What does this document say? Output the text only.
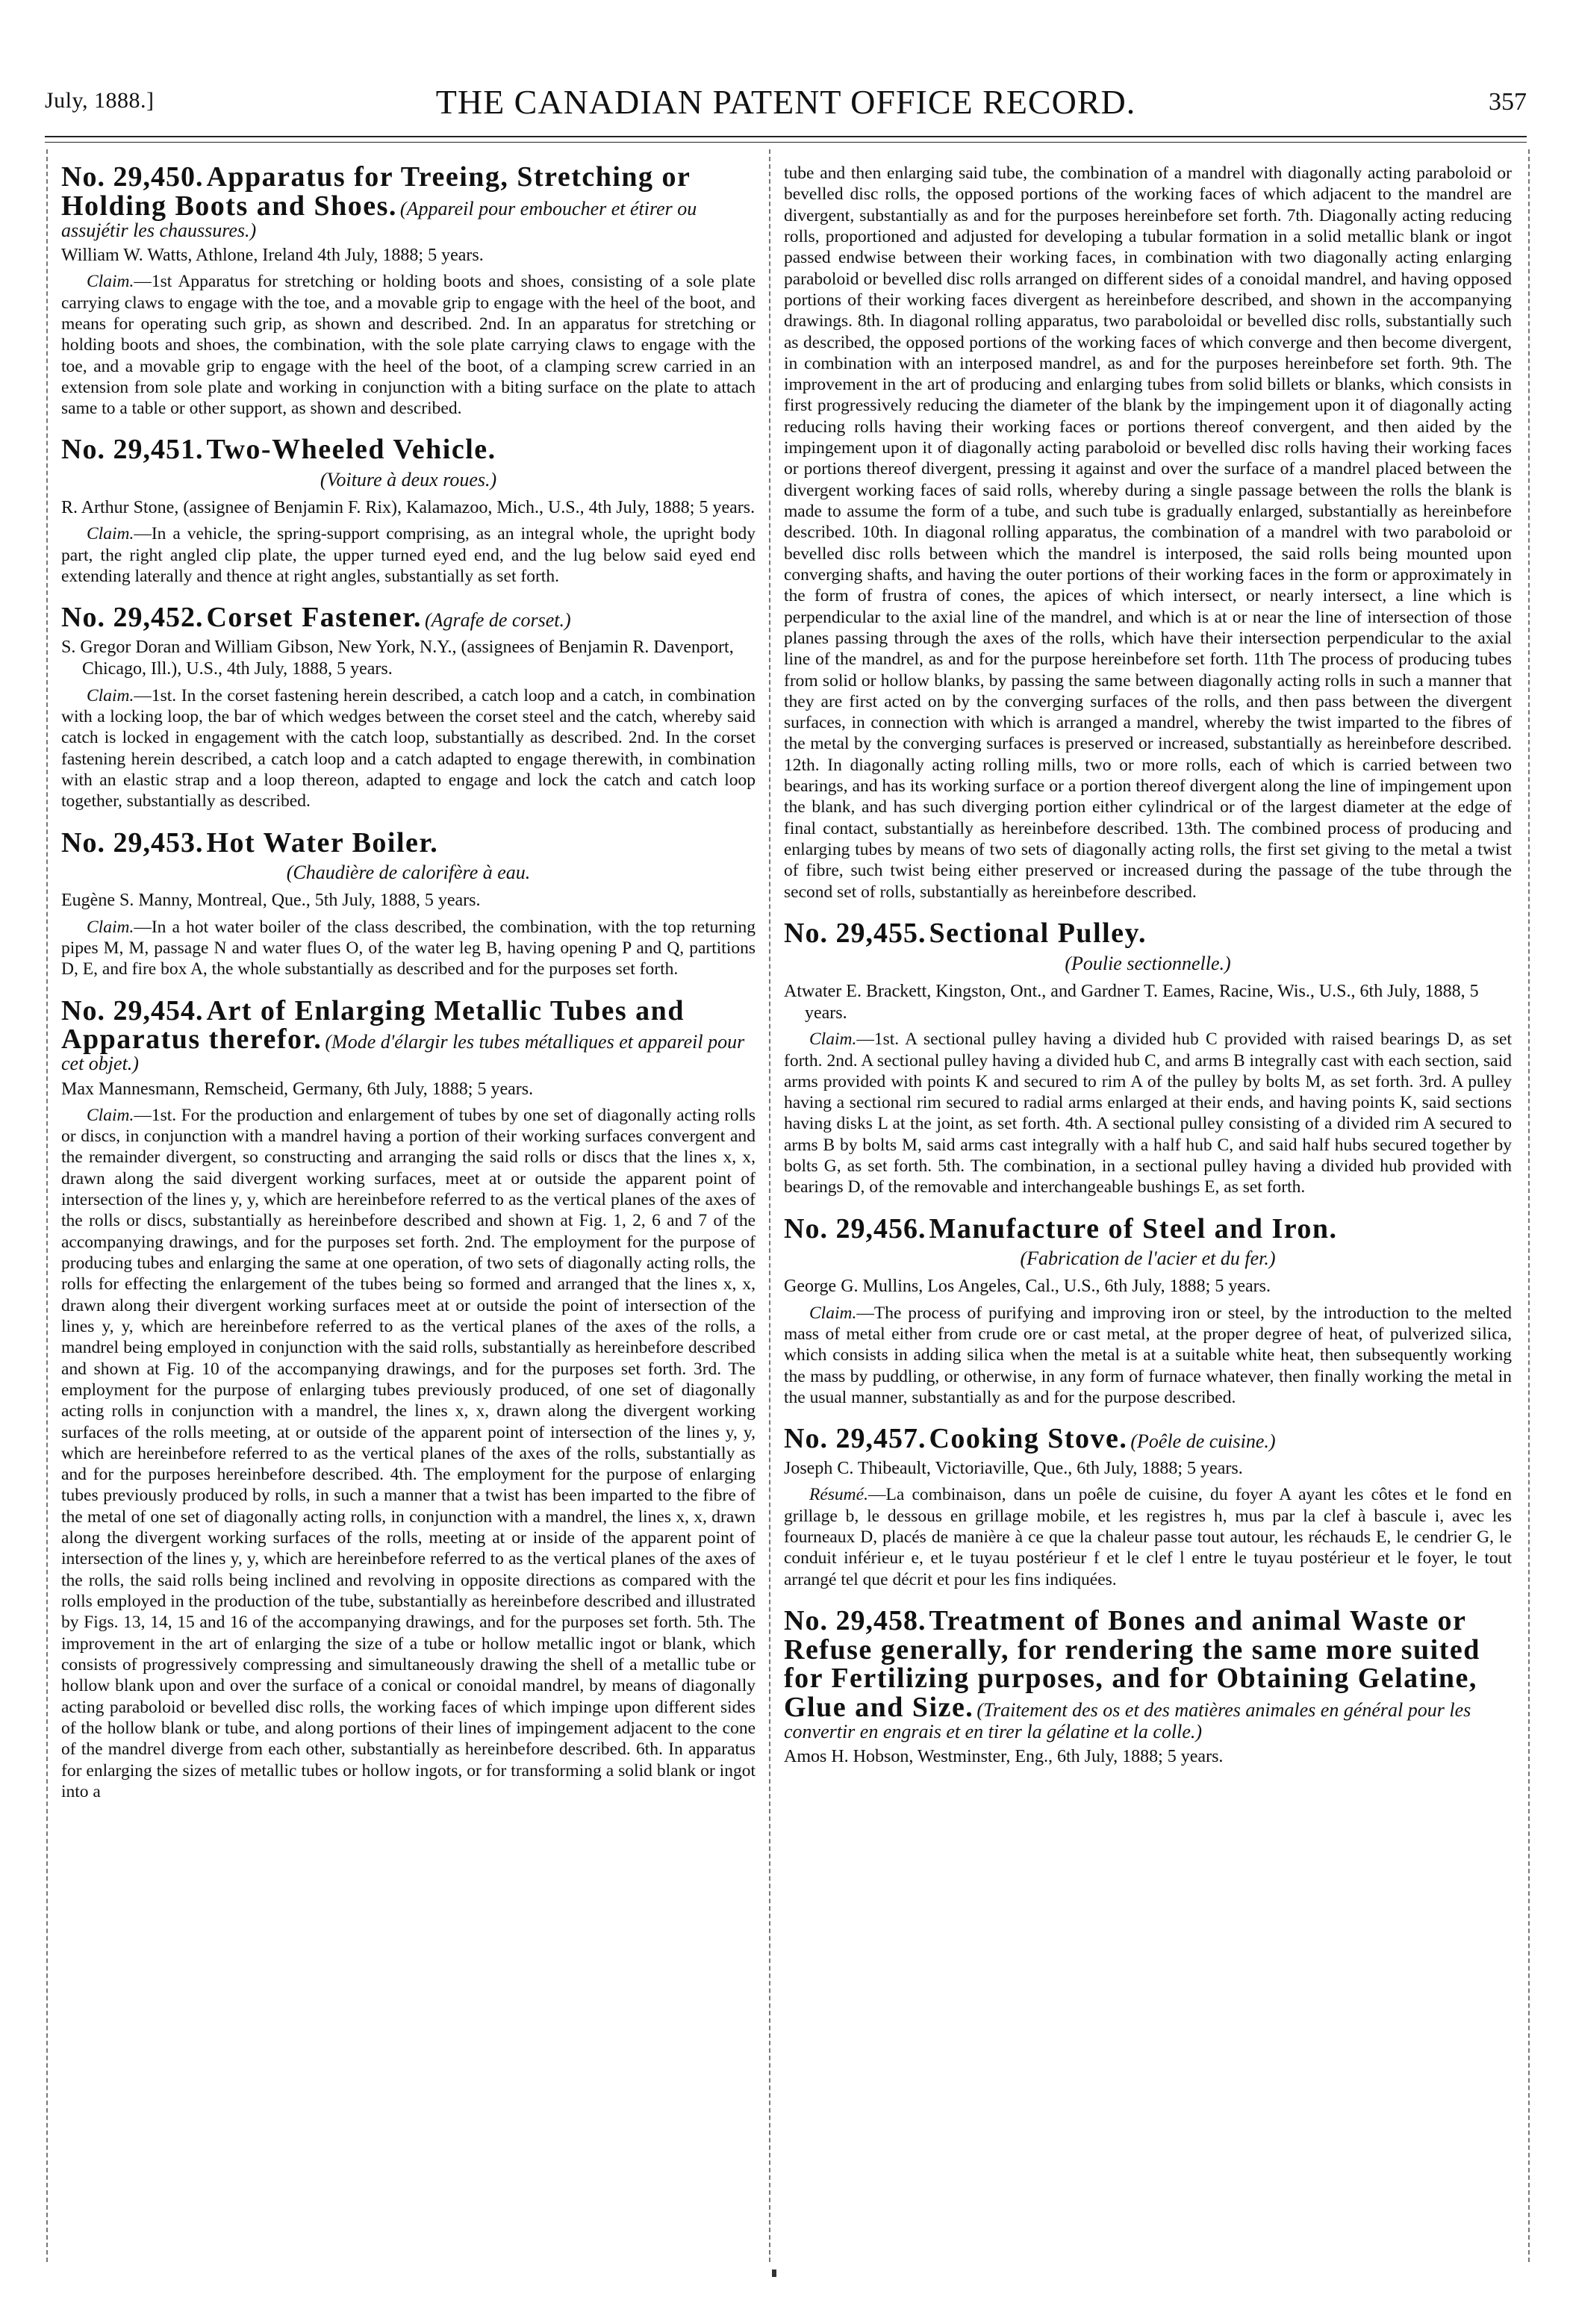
July, 1888.]	THE CANADIAN PATENT OFFICE RECORD.	357
No. 29,450. Apparatus for Treeing, Stretching or Holding Boots and Shoes. (Appareil pour emboucher et étirer ou assujétir les chaussures.)

William W. Watts, Athlone, Ireland 4th July, 1888; 5 years.

Claim.—1st Apparatus for stretching or holding boots and shoes, consisting of a sole plate carrying claws to engage with the toe, and a movable grip to engage with the heel of the boot, and means for operating such grip, as shown and described. 2nd. In an apparatus for stretching or holding boots and shoes, the combination, with the sole plate carrying claws to engage with the toe, and a movable grip to engage with the heel of the boot, of a clamping screw carried in an extension from sole plate and working in conjunction with a biting surface on the plate to attach same to a table or other support, as shown and described.

No. 29,451. Two-Wheeled Vehicle.
(Voiture à deux roues.)

R. Arthur Stone, (assignee of Benjamin F. Rix), Kalamazoo, Mich., U.S., 4th July, 1888; 5 years.

Claim.—In a vehicle, the spring-support comprising, as an integral whole, the upright body part, the right angled clip plate, the upper turned eyed end, and the lug below said eyed end extending laterally and thence at right angles, substantially as set forth.

No. 29,452. Corset Fastener. (Agrafe de corset.)

S. Gregor Doran and William Gibson, New York, N.Y., (assignees of Benjamin R. Davenport, Chicago, Ill.), U.S., 4th July, 1888, 5 years.

Claim.—1st. In the corset fastening herein described, a catch loop and a catch, in combination with a locking loop, the bar of which wedges between the corset steel and the catch, whereby said catch is locked in engagement with the catch loop, substantially as described. 2nd. In the corset fastening herein described, a catch loop and a catch adapted to engage therewith, in combination with an elastic strap and a loop thereon, adapted to engage and lock the catch and catch loop together, substantially as described.

No. 29,453. Hot Water Boiler.
(Chaudière de calorifère à eau.

Eugène S. Manny, Montreal, Que., 5th July, 1888, 5 years.

Claim.—In a hot water boiler of the class described, the combination, with the top returning pipes M, M, passage N and water flues O, of the water leg B, having opening P and Q, partitions D, E, and fire box A, the whole substantially as described and for the purposes set forth.

No. 29,454. Art of Enlarging Metallic Tubes and Apparatus therefor. (Mode d'élargir les tubes métalliques et appareil pour cet objet.)

Max Mannesmann, Remscheid, Germany, 6th July, 1888; 5 years.

Claim.—1st. For the production and enlargement of tubes by one set of diagonally acting rolls or discs, in conjunction with a mandrel having a portion of their working surfaces convergent and the remainder divergent, so constructing and arranging the said rolls or discs that the lines x, x, drawn along the said divergent working surfaces, meet at or outside the apparent point of intersection of the lines y, y, which are hereinbefore referred to as the vertical planes of the axes of the rolls or discs, substantially as hereinbefore described and shown at Fig. 1, 2, 6 and 7 of the accompanying drawings, and for the purposes set forth. 2nd. The employment for the purpose of producing tubes and enlarging the same at one operation, of two sets of diagonally acting rolls, the rolls for effecting the enlargement of the tubes being so formed and arranged that the lines x, x, drawn along their divergent working surfaces meet at or outside the point of intersection of the lines y, y, which are hereinbefore referred to as the vertical planes of the axes of the rolls, a mandrel being employed in conjunction with the said rolls, substantially as hereinbefore described and shown at Fig. 10 of the accompanying drawings, and for the purposes set forth. 3rd. The employment for the purpose of enlarging tubes previously produced, of one set of diagonally acting rolls in conjunction with a mandrel, the lines x, x, drawn along the divergent working surfaces of the rolls meeting, at or outside of the apparent point of intersection of the lines y, y, which are hereinbefore referred to as the vertical planes of the axes of the rolls, substantially as and for the purposes hereinbefore described. 4th. The employment for the purpose of enlarging tubes previously produced by rolls, in such a manner that a twist has been imparted to the fibre of the metal of one set of diagonally acting rolls, in conjunction with a mandrel, the lines x, x, drawn along the divergent working surfaces of the rolls, meeting at or inside of the apparent point of intersection of the lines y, y, which are hereinbefore referred to as the vertical planes of the axes of the rolls, the said rolls being inclined and revolving in opposite directions as compared with the rolls employed in the production of the tube, substantially as hereinbefore described and illustrated by Figs. 13, 14, 15 and 16 of the accompanying drawings, and for the purposes set forth. 5th. The improvement in the art of enlarging the size of a tube or hollow metallic ingot or blank, which consists of progressively compressing and simultaneously drawing the shell of a metallic tube or hollow blank upon and over the surface of a conical or conoidal mandrel, by means of diagonally acting paraboloid or bevelled disc rolls, the working faces of which impinge upon different sides of the hollow blank or tube, and along portions of their lines of impingement adjacent to the cone of the mandrel diverge from each other, substantially as hereinbefore described. 6th. In apparatus for enlarging the sizes of metallic tubes or hollow ingots, or for transforming a solid blank or ingot into a

tube and then enlarging said tube, the combination of a mandrel with diagonally acting paraboloid or bevelled disc rolls, the opposed portions of the working faces of which adjacent to the mandrel are divergent, substantially as and for the purposes hereinbefore set forth. 7th. Diagonally acting reducing rolls, proportioned and adjusted for developing a tubular formation in a solid metallic blank or ingot passed endwise between their working faces, in combination with two diagonally acting enlarging paraboloid or bevelled disc rolls arranged on different sides of a conoidal mandrel, and having opposed portions of their working faces divergent as hereinbefore described, and shown in the accompanying drawings. 8th. In diagonal rolling apparatus, two paraboloidal or bevelled disc rolls, substantially such as described, the opposed portions of the working faces of which converge and then become divergent, in combination with an interposed mandrel, as and for the purposes hereinbefore set forth. 9th. The improvement in the art of producing and enlarging tubes from solid billets or blanks, which consists in first progressively reducing the diameter of the blank by the impingement upon it of diagonally acting reducing rolls having their working faces or portions thereof convergent, and then aided by the impingement upon it of diagonally acting paraboloid or bevelled disc rolls having their working faces or portions thereof divergent, pressing it against and over the surface of a mandrel placed between the divergent working faces of said rolls, whereby during a single passage between the rolls the blank is made to assume the form of a tube, and such tube is gradually enlarged, substantially as hereinbefore described. 10th. In diagonal rolling apparatus, the combination of a mandrel with two paraboloid or bevelled disc rolls between which the mandrel is interposed, the said rolls being mounted upon converging shafts, and having the outer portions of their working faces in the form or approximately in the form of frustra of cones, the apices of which intersect, or nearly intersect, a line which is perpendicular to the axial line of the mandrel, and which is at or near the line of intersection of those planes passing through the axes of the rolls, which have their intersection perpendicular to the axial line of the mandrel, as and for the purpose hereinbefore set forth. 11th The process of producing tubes from solid or hollow blanks, by passing the same between diagonally acting rolls in such a manner that they are first acted on by the converging surfaces of the rolls, and then pass between the divergent surfaces, in connection with which is arranged a mandrel, whereby the twist imparted to the fibres of the metal by the converging surfaces is preserved or increased, substantially as hereinbefore described. 12th. In diagonally acting rolling mills, two or more rolls, each of which is carried between two bearings, and has its working surface or a portion thereof divergent along the line of impingement upon the blank, and has such diverging portion either cylindrical or of the largest diameter at the edge of final contact, substantially as hereinbefore described. 13th. The combined process of producing and enlarging tubes by means of two sets of diagonally acting rolls, the first set giving to the metal a twist of fibre, such twist being either preserved or increased during the passage of the tube through the second set of rolls, substantially as hereinbefore described.

No. 29,455. Sectional Pulley.
(Poulie sectionnelle.)

Atwater E. Brackett, Kingston, Ont., and Gardner T. Eames, Racine, Wis., U.S., 6th July, 1888, 5 years.

Claim.—1st. A sectional pulley having a divided hub C provided with raised bearings D, as set forth. 2nd. A sectional pulley having a divided hub C, and arms B integrally cast with each section, said arms provided with points K and secured to rim A of the pulley by bolts M, as set forth. 3rd. A pulley having a sectional rim secured to radial arms enlarged at their ends, and having points K, said sections having disks L at the joint, as set forth. 4th. A sectional pulley consisting of a divided rim A secured to arms B by bolts M, said arms cast integrally with a half hub C, and said half hubs secured together by bolts G, as set forth. 5th. The combination, in a sectional pulley having a divided hub provided with bearings D, of the removable and interchangeable bushings E, as set forth.

No. 29,456. Manufacture of Steel and Iron.
(Fabrication de l'acier et du fer.)

George G. Mullins, Los Angeles, Cal., U.S., 6th July, 1888; 5 years.

Claim.—The process of purifying and improving iron or steel, by the introduction to the melted mass of metal either from crude ore or cast metal, at the proper degree of heat, of pulverized silica, which consists in adding silica when the metal is at a suitable white heat, then subsequently working the mass by puddling, or otherwise, in any form of furnace whatever, then finally working the metal in the usual manner, substantially as and for the purpose described.

No. 29,457. Cooking Stove. (Poêle de cuisine.)

Joseph C. Thibeault, Victoriaville, Que., 6th July, 1888; 5 years.

Résumé.—La combinaison, dans un poêle de cuisine, du foyer A ayant les côtes et le fond en grillage b, le dessous en grillage mobile, et les registres h, mus par la clef à bascule i, avec les fourneaux D, placés de manière à ce que la chaleur passe tout autour, les réchauds E, le cendrier G, le conduit inférieur e, et le tuyau postérieur f et le clef l entre le tuyau postérieur et le foyer, le tout arrangé tel que décrit et pour les fins indiquées.

No. 29,458. Treatment of Bones and animal Waste or Refuse generally, for rendering the same more suited for Fertilizing purposes, and for Obtaining Gelatine, Glue and Size. (Traitement des os et des matières animales en général pour les convertir en engrais et en tirer la gélatine et la colle.)

Amos H. Hobson, Westminster, Eng., 6th July, 1888; 5 years.
